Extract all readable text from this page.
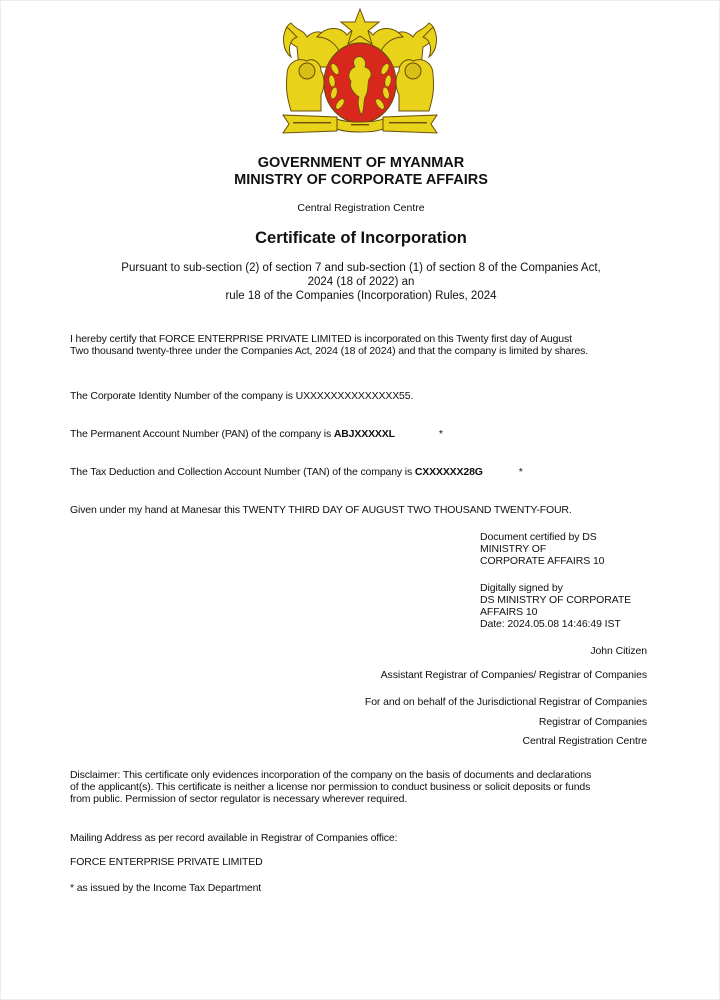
GOVERNMENT OF MYANMAR
MINISTRY OF CORPORATE AFFAIRS
Central Registration Centre
Certificate of Incorporation
Pursuant to sub-section (2) of section 7 and sub-section (1) of section 8 of the Companies Act,
2024 (18 of 2022) an
rule 18 of the Companies (Incorporation) Rules, 2024
I hereby certify that FORCE ENTERPRISE PRIVATE LIMITED is incorporated on this Twenty first day of August
Two thousand twenty-three under the Companies Act, 2024 (18 of 2024) and that the company is limited by shares.
The Corporate Identity Number of the company is UXXXXXXXXXXXXXX55.
The Permanent Account Number (PAN) of the company is ABJXXXXXL	*
The Tax Deduction and Collection Account Number (TAN) of the company is CXXXXXX28G	*
Given under my hand at Manesar this TWENTY THIRD DAY OF AUGUST TWO THOUSAND TWENTY-FOUR.
Document certified by DS
MINISTRY OF
CORPORATE AFFAIRS 10
Digitally signed by
DS MINISTRY OF CORPORATE
AFFAIRS 10
Date: 2024.05.08 14:46:49 IST
John Citizen
Assistant Registrar of Companies/ Registrar of Companies
For and on behalf of the Jurisdictional Registrar of Companies
Registrar of Companies
Central Registration Centre
Disclaimer: This certificate only evidences incorporation of the company on the basis of documents and declarations
of the applicant(s). This certificate is neither a license nor permission to conduct business or solicit deposits or funds
from public. Permission of sector regulator is necessary wherever required.
Mailing Address as per record available in Registrar of Companies office:
FORCE ENTERPRISE PRIVATE LIMITED
* as issued by the Income Tax Department
